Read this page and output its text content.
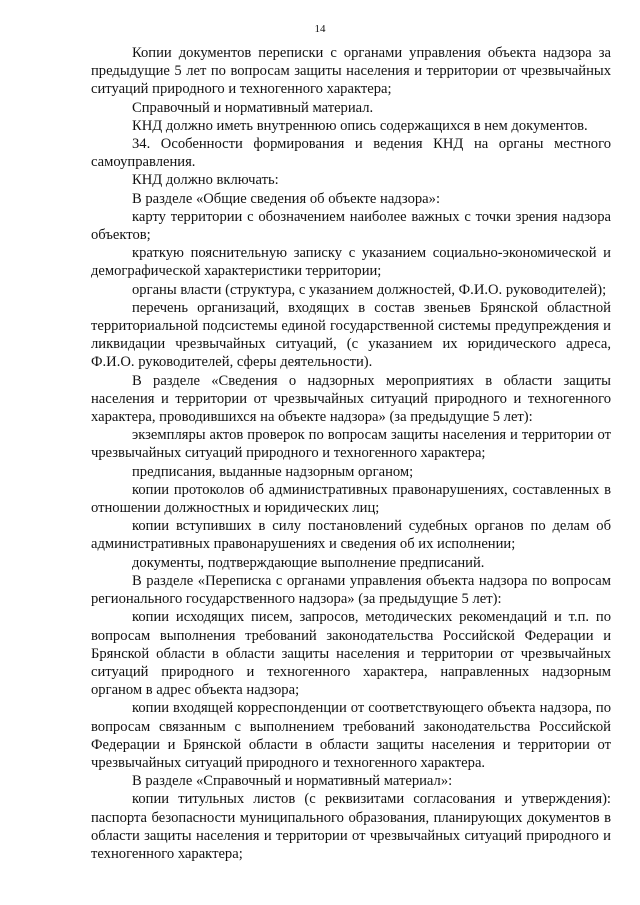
14

Копии документов переписки с органами управления объекта надзора за предыдущие 5 лет по вопросам защиты населения и территории от чрезвычайных ситуаций природного и техногенного характера;

Справочный и нормативный материал.

КНД должно иметь внутреннюю опись содержащихся в нем документов.

34. Особенности формирования и ведения КНД на органы местного самоуправления.

КНД должно включать:

В разделе «Общие сведения об объекте надзора»:

карту территории с обозначением наиболее важных с точки зрения надзора объектов;

краткую пояснительную записку с указанием социально-экономической и демографической характеристики территории;

органы власти (структура, с указанием должностей, Ф.И.О. руководителей);

перечень организаций, входящих в состав звеньев Брянской областной территориальной подсистемы единой государственной системы предупреждения и ликвидации чрезвычайных ситуаций, (с указанием их юридического адреса, Ф.И.О. руководителей, сферы деятельности).

В разделе «Сведения о надзорных мероприятиях в области защиты населения и территории от чрезвычайных ситуаций природного и техногенного характера, проводившихся на объекте надзора» (за предыдущие 5 лет):

экземпляры актов проверок по вопросам защиты населения и территории от чрезвычайных ситуаций природного и техногенного характера;

предписания, выданные надзорным органом;

копии протоколов об административных правонарушениях, составленных в отношении должностных и юридических лиц;

копии вступивших в силу постановлений судебных органов по делам об административных правонарушениях и сведения об их исполнении;

документы, подтверждающие выполнение предписаний.

В разделе «Переписка с органами управления объекта надзора по вопросам регионального государственного надзора» (за предыдущие 5 лет):

копии исходящих писем, запросов, методических рекомендаций и т.п. по вопросам выполнения требований законодательства Российской Федерации и Брянской области в области защиты населения и территории от чрезвычайных ситуаций природного и техногенного характера, направленных надзорным органом в адрес объекта надзора;

копии входящей корреспонденции от соответствующего объекта надзора, по вопросам связанным с выполнением требований законодательства Российской Федерации и Брянской области в области защиты населения и территории от чрезвычайных ситуаций природного и техногенного характера.

В разделе «Справочный и нормативный материал»:

копии титульных листов (с реквизитами согласования и утверждения): паспорта безопасности муниципального образования, планирующих документов в области защиты населения и территории от чрезвычайных ситуаций природного и техногенного характера;
